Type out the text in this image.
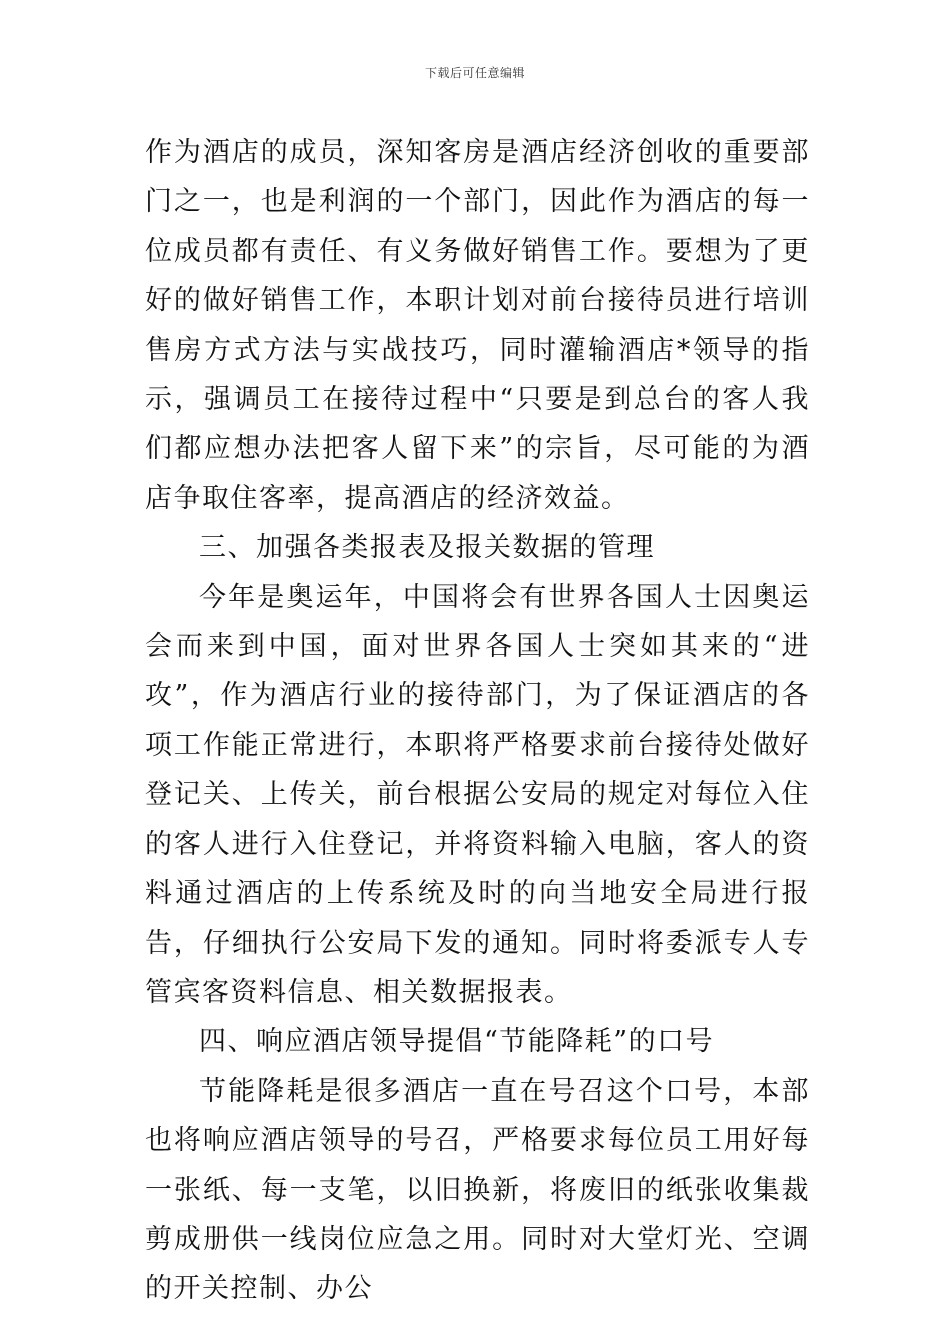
下载后可任意编辑

作为酒店的成员，深知客房是酒店经济创收的重要部门之一，也是利润的一个部门，因此作为酒店的每一位成员都有责任、有义务做好销售工作。要想为了更好的做好销售工作，本职计划对前台接待员进行培训售房方式方法与实战技巧，同时灌输酒店*领导的指示，强调员工在接待过程中“只要是到总台的客人我们都应想办法把客人留下来”的宗旨，尽可能的为酒店争取住客率，提高酒店的经济效益。

三、加强各类报表及报关数据的管理

今年是奥运年，中国将会有世界各国人士因奥运会而来到中国，面对世界各国人士突如其来的“进攻”，作为酒店行业的接待部门，为了保证酒店的各项工作能正常进行，本职将严格要求前台接待处做好登记关、上传关，前台根据公安局的规定对每位入住的客人进行入住登记，并将资料输入电脑，客人的资料通过酒店的上传系统及时的向当地安全局进行报告，仔细执行公安局下发的通知。同时将委派专人专管宾客资料信息、相关数据报表。

四、响应酒店领导提倡“节能降耗”的口号

节能降耗是很多酒店一直在号召这个口号，本部也将响应酒店领导的号召，严格要求每位员工用好每一张纸、每一支笔，以旧换新，将废旧的纸张收集裁剪成册供一线岗位应急之用。同时对大堂灯光、空调的开关控制、办公
